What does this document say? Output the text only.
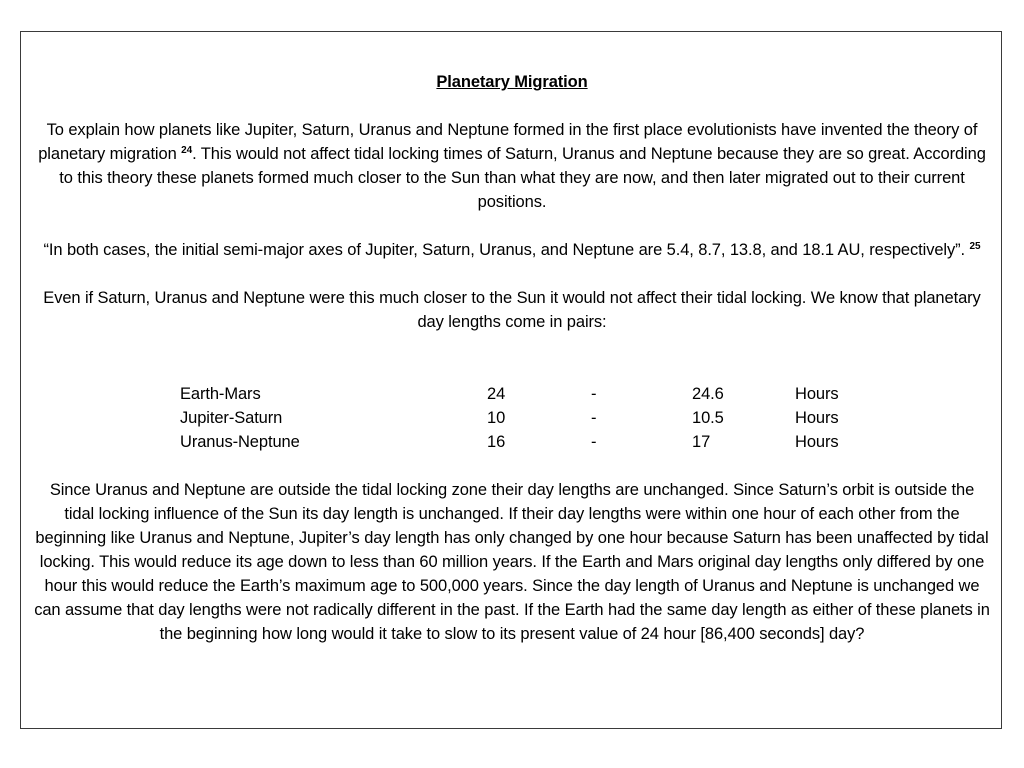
Planetary Migration

To explain how planets like Jupiter, Saturn, Uranus and Neptune formed in the first place evolutionists have invented the theory of planetary migration $^{24}$. This would not affect tidal locking times of Saturn, Uranus and Neptune because they are so great. According to this theory these planets formed much closer to the Sun than what they are now, and then later migrated out to their current positions.

“In both cases, the initial semi-major axes of Jupiter, Saturn, Uranus, and Neptune are 5.4, 8.7, 13.8, and 18.1 AU, respectively”. $^{25}$

Even if Saturn, Uranus and Neptune were this much closer to the Sun it would not affect their tidal locking. We know that planetary day lengths come in pairs:

Earth-Mars	24	-	24.6	Hours
Jupiter-Saturn	10	-	10.5	Hours
Uranus-Neptune	16	-	17	Hours

Since Uranus and Neptune are outside the tidal locking zone their day lengths are unchanged. Since Saturn’s orbit is outside the tidal locking influence of the Sun its day length is unchanged. If their day lengths were within one hour of each other from the beginning like Uranus and Neptune, Jupiter’s day length has only changed by one hour because Saturn has been unaffected by tidal locking. This would reduce its age down to less than 60 million years. If the Earth and Mars original day lengths only differed by one hour this would reduce the Earth’s maximum age to 500,000 years. Since the day length of Uranus and Neptune is unchanged we can assume that day lengths were not radically different in the past. If the Earth had the same day length as either of these planets in the beginning how long would it take to slow to its present value of 24 hour [86,400 seconds] day?
